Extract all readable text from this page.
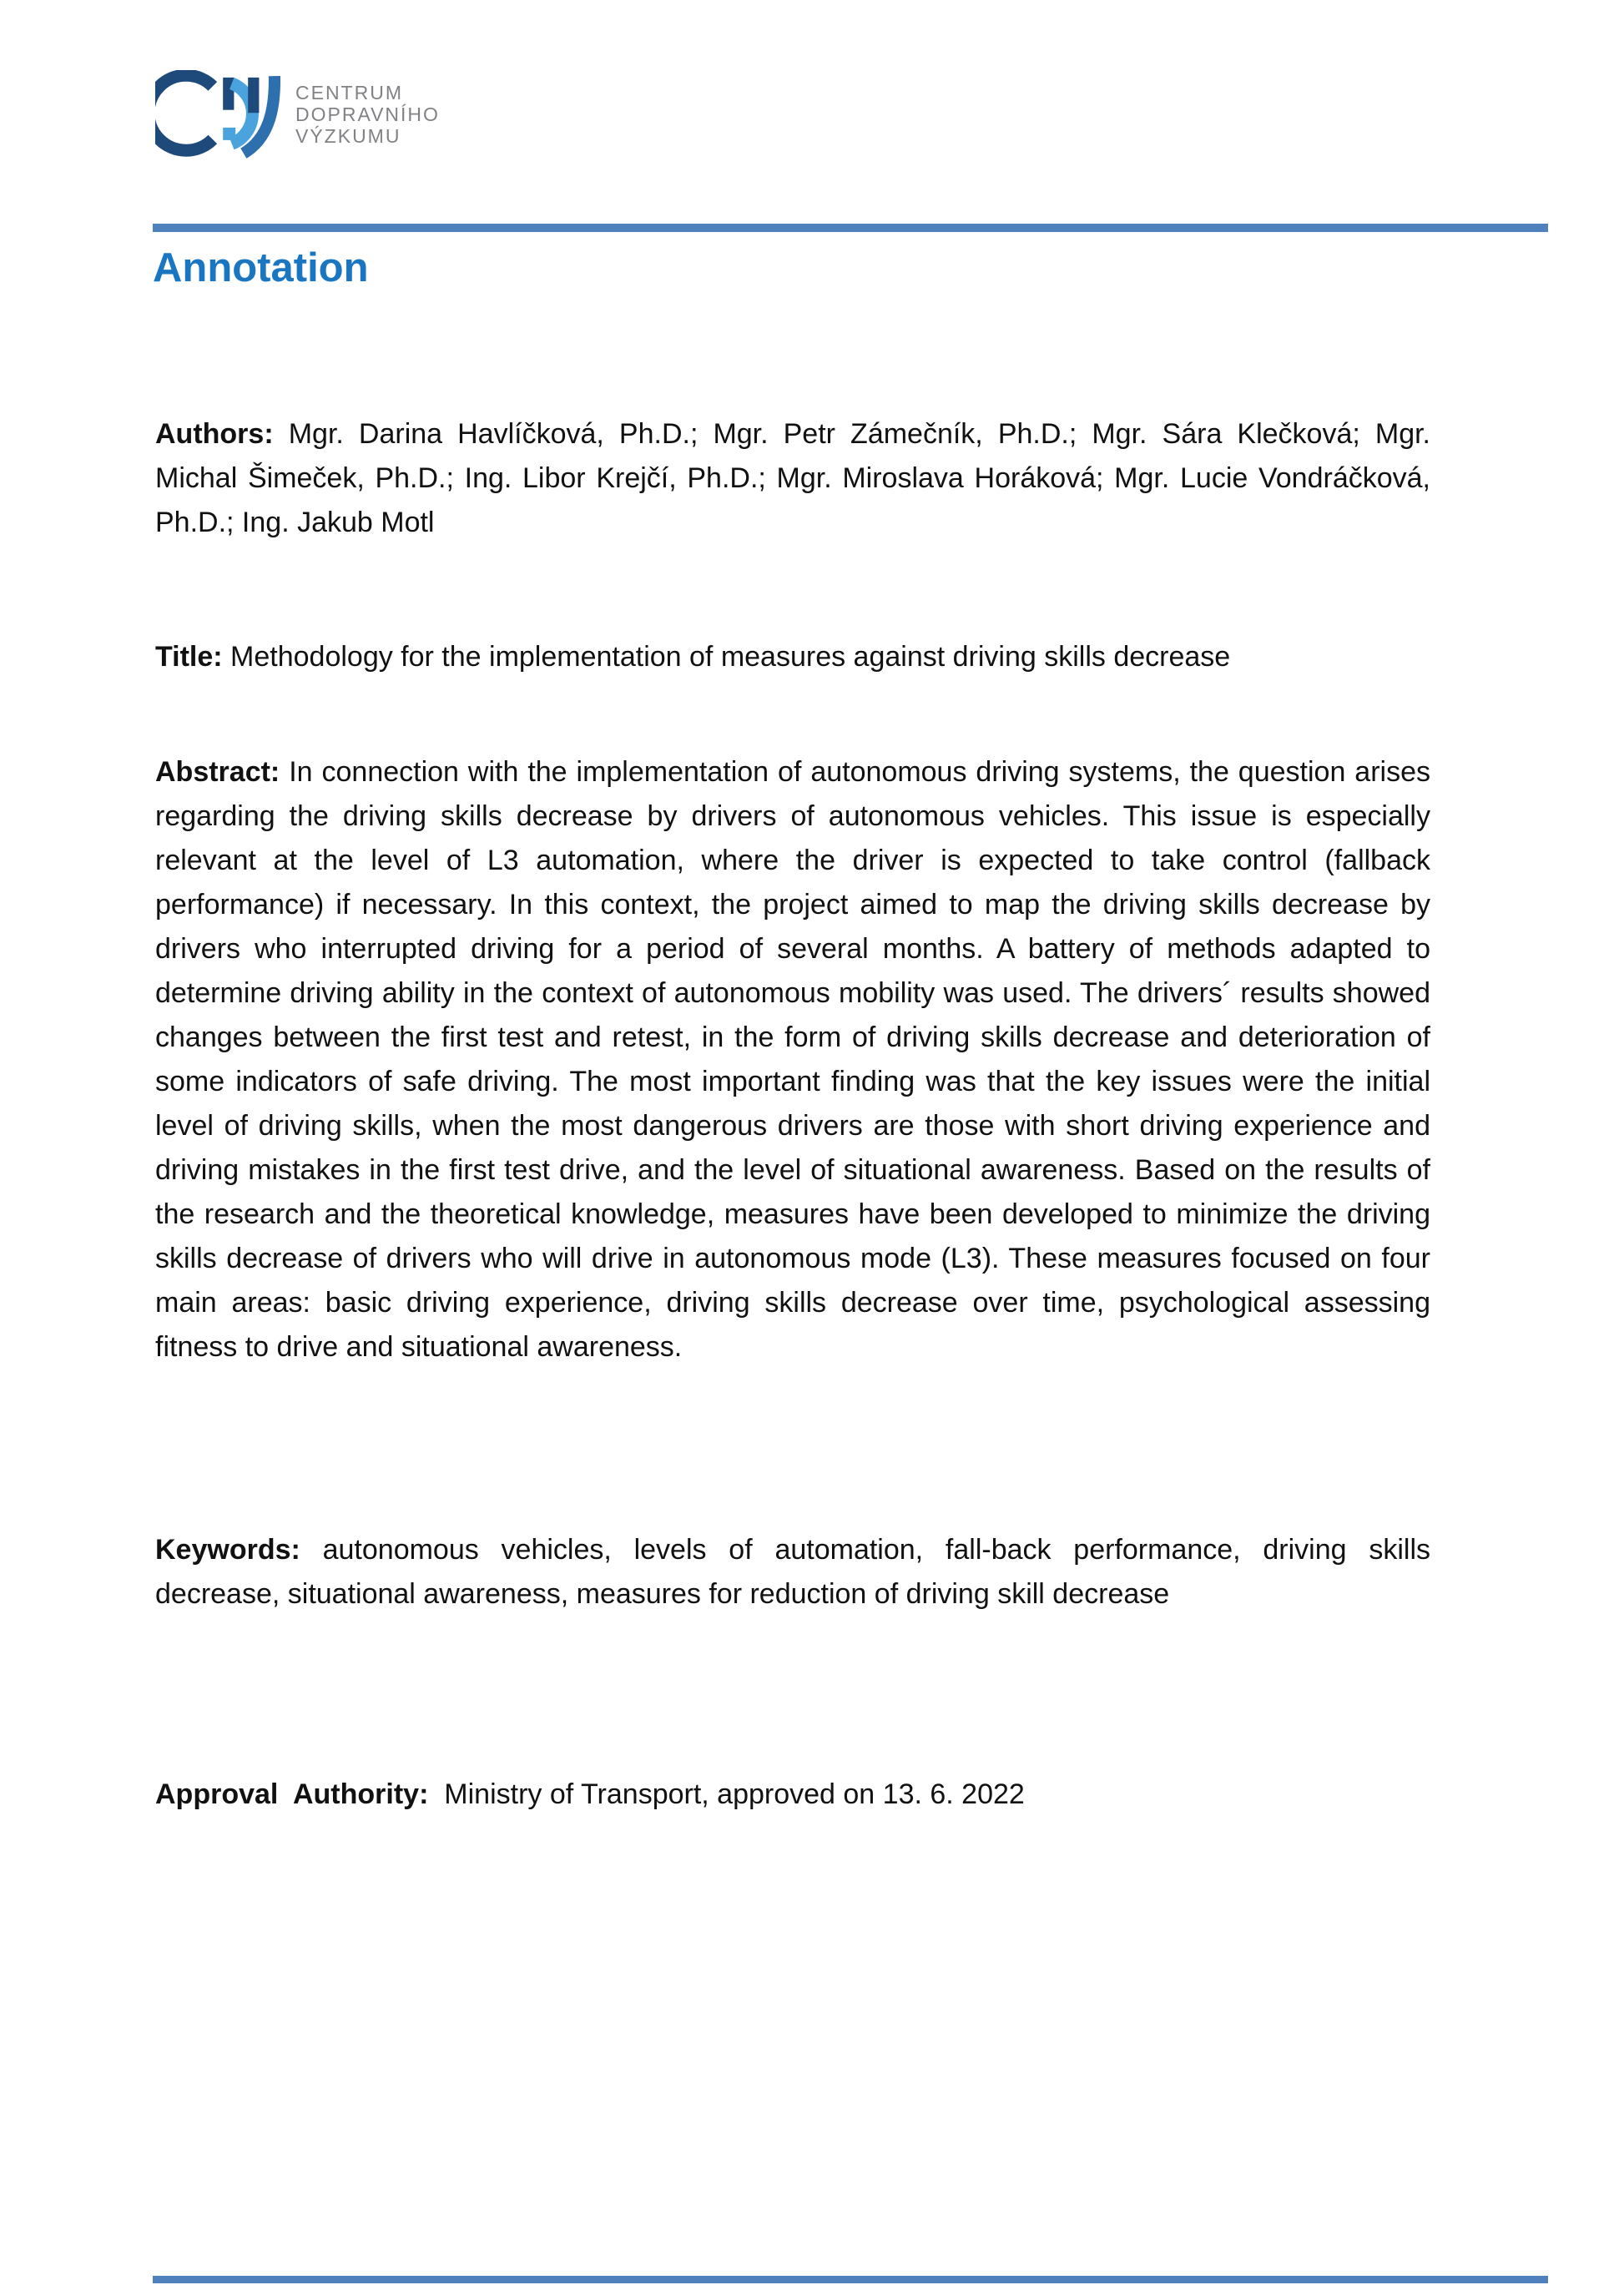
CENTRUM
DOPRAVNÍHO
VÝZKUMU
Annotation

Authors: Mgr. Darina Havlíčková, Ph.D.; Mgr. Petr Zámečník, Ph.D.; Mgr. Sára Klečková; Mgr. Michal Šimeček, Ph.D.; Ing. Libor Krejčí, Ph.D.; Mgr. Miroslava Horáková; Mgr. Lucie Vondráčková, Ph.D.; Ing. Jakub Motl

Title: Methodology for the implementation of measures against driving skills decrease

Abstract: In connection with the implementation of autonomous driving systems, the question arises regarding the driving skills decrease by drivers of autonomous vehicles. This issue is especially relevant at the level of L3 automation, where the driver is expected to take control (fallback performance) if necessary. In this context, the project aimed to map the driving skills decrease by drivers who interrupted driving for a period of several months. A battery of methods adapted to determine driving ability in the context of autonomous mobility was used. The drivers´ results showed changes between the first test and retest, in the form of driving skills decrease and deterioration of some indicators of safe driving. The most important finding was that the key issues were the initial level of driving skills, when the most dangerous drivers are those with short driving experience and driving mistakes in the first test drive, and the level of situational awareness. Based on the results of the research and the theoretical knowledge, measures have been developed to minimize the driving skills decrease of drivers who will drive in autonomous mode (L3). These measures focused on four main areas: basic driving experience, driving skills decrease over time, psychological assessing fitness to drive and situational awareness.

Keywords: autonomous vehicles, levels of automation, fall-back performance, driving skills decrease, situational awareness, measures for reduction of driving skill decrease

Approval  Authority:  Ministry of Transport, approved on 13. 6. 2022
